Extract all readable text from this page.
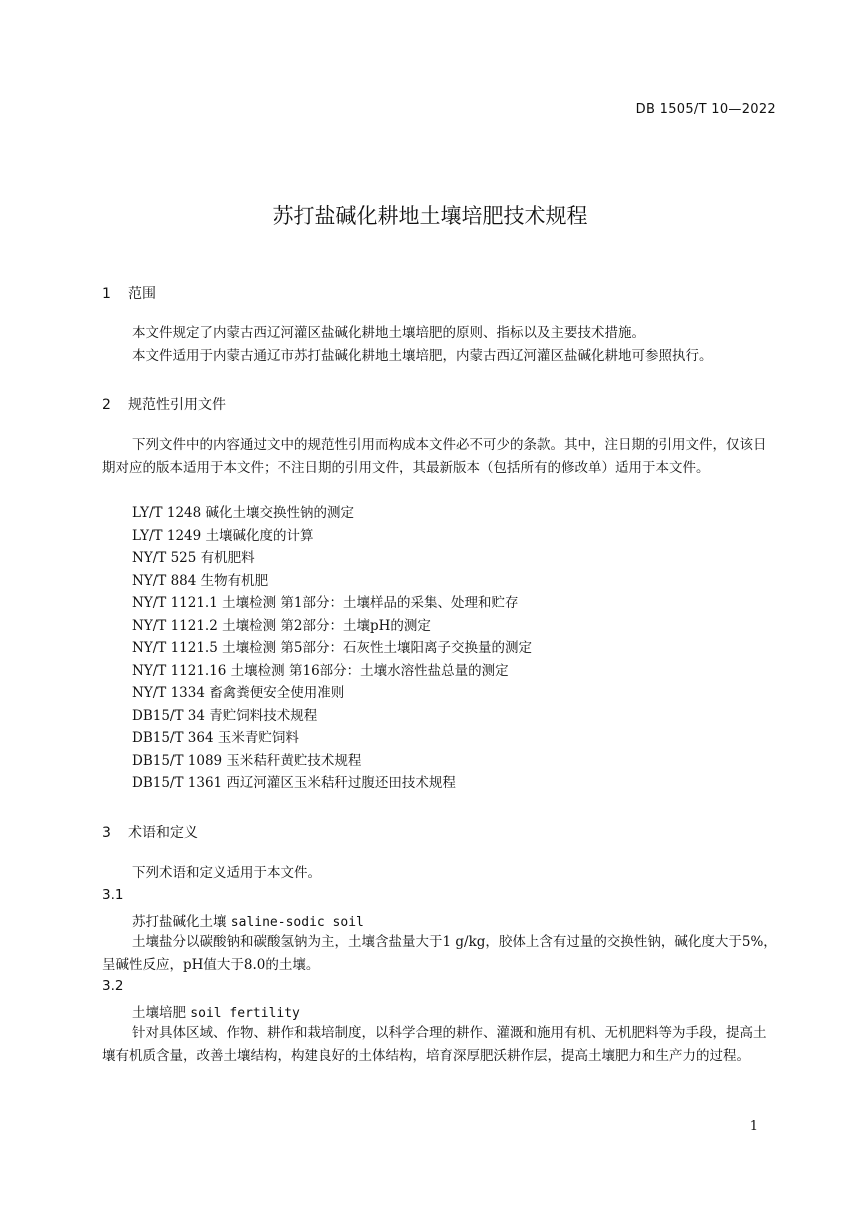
DB 1505/T 10—2022
苏打盐碱化耕地土壤培肥技术规程
1 范围

本文件规定了内蒙古西辽河灌区盐碱化耕地土壤培肥的原则、指标以及主要技术措施。

本文件适用于内蒙古通辽市苏打盐碱化耕地土壤培肥，内蒙古西辽河灌区盐碱化耕地可参照执行。

2 规范性引用文件

下列文件中的内容通过文中的规范性引用而构成本文件必不可少的条款。其中，注日期的引用文件，仅该日期对应的版本适用于本文件；不注日期的引用文件，其最新版本（包括所有的修改单）适用于本文件。

LY/T 1248 碱化土壤交换性钠的测定
LY/T 1249 土壤碱化度的计算
NY/T 525 有机肥料
NY/T 884 生物有机肥
NY/T 1121.1 土壤检测 第1部分：土壤样品的采集、处理和贮存
NY/T 1121.2 土壤检测 第2部分：土壤pH的测定
NY/T 1121.5 土壤检测 第5部分：石灰性土壤阳离子交换量的测定
NY/T 1121.16 土壤检测 第16部分：土壤水溶性盐总量的测定
NY/T 1334 畜禽粪便安全使用准则
DB15/T 34 青贮饲料技术规程
DB15/T 364 玉米青贮饲料
DB15/T 1089 玉米秸秆黄贮技术规程
DB15/T 1361 西辽河灌区玉米秸秆过腹还田技术规程
3 术语和定义

下列术语和定义适用于本文件。

3.1
苏打盐碱化土壤 saline-sodic soil

土壤盐分以碳酸钠和碳酸氢钠为主，土壤含盐量大于1 g/kg，胶体上含有过量的交换性钠，碱化度大于5%，呈碱性反应，pH值大于8.0的土壤。

3.2
土壤培肥 soil fertility

针对具体区域、作物、耕作和栽培制度，以科学合理的耕作、灌溉和施用有机、无机肥料等为手段，提高土壤有机质含量，改善土壤结构，构建良好的土体结构，培育深厚肥沃耕作层，提高土壤肥力和生产力的过程。

1
